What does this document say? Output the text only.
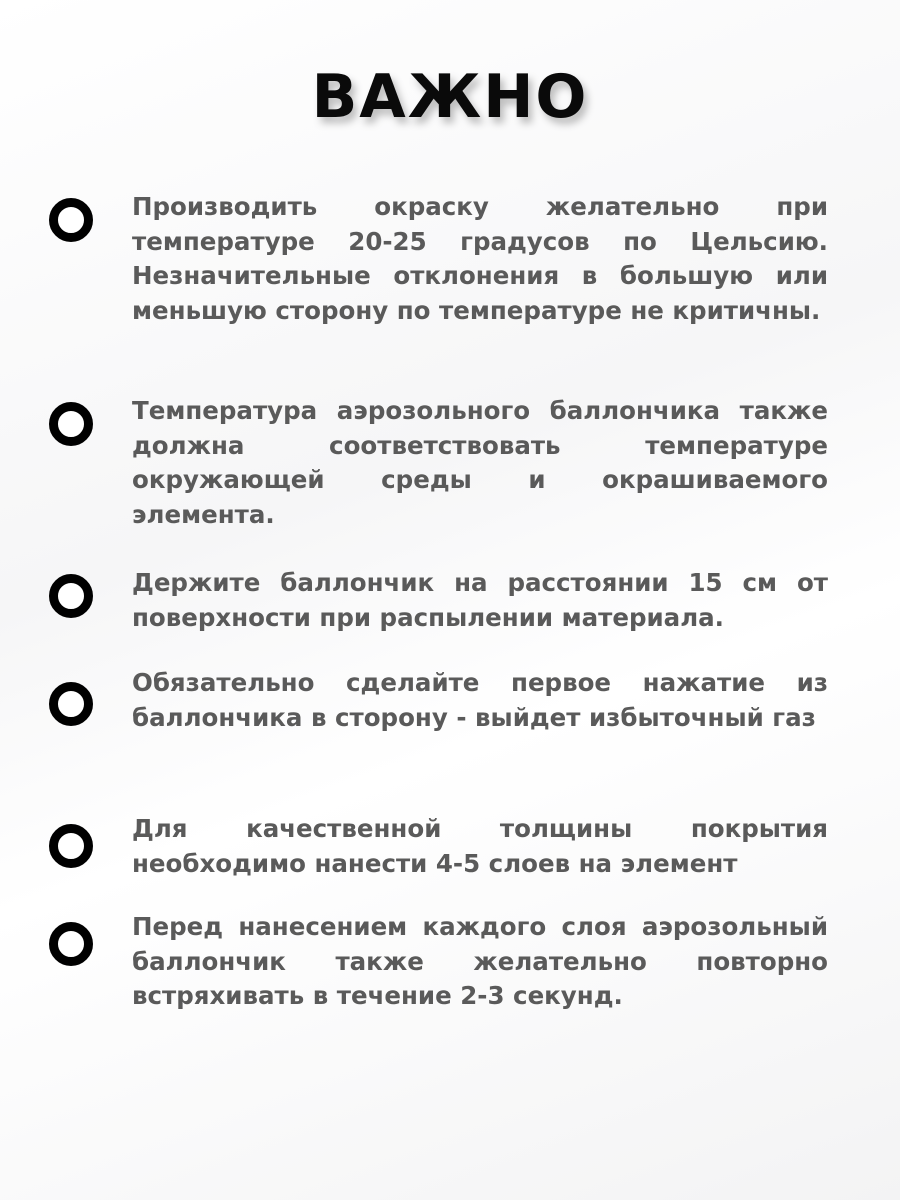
ВАЖНО

Производить окраску желательно при температуре 20-25 градусов по Цельсию. Незначительные отклонения в большую или меньшую сторону по температуре не критичны.

Температура аэрозольного баллончика также должна соответствовать температуре окружающей среды и окрашиваемого элемента.

Держите баллончик на расстоянии 15 см от поверхности при распылении материала.

Обязательно сделайте первое нажатие из баллончика в сторону - выйдет избыточный газ

Для качественной толщины покрытия необходимо нанести 4-5 слоев на элемент

Перед нанесением каждого слоя аэрозольный баллончик также желательно повторно встряхивать в течение 2-3 секунд.
